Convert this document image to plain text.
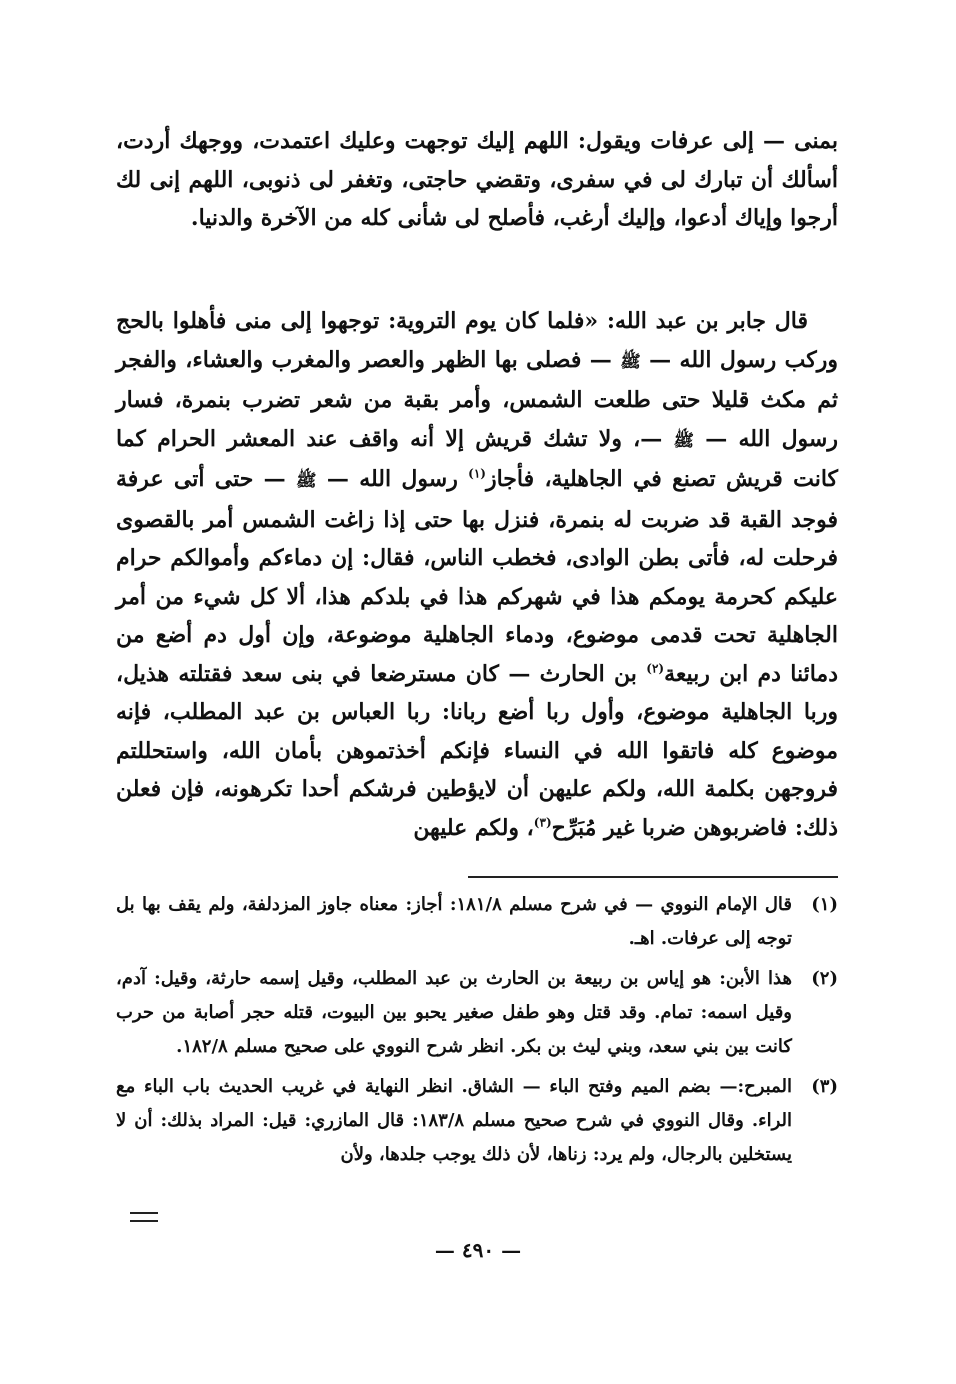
بمنى — إلى عرفات ويقول: اللهم إليك توجهت وعليك اعتمدت، ووجهك أردت، أسألك أن تبارك لى في سفرى، وتقضي حاجتى، وتغفر لى ذنوبى، اللهم إنى لك أرجوا وإياك أدعوا، وإليك أرغب، فأصلح لى شأنى كله من الآخرة والدنيا.

قال جابر بن عبد الله: «فلما كان يوم التروية: توجهوا إلى منى فأهلوا بالحج وركب رسول الله — ﷺ — فصلى بها الظهر والعصر والمغرب والعشاء، والفجر ثم مكث قليلا حتى طلعت الشمس، وأمر بقبة من شعر تضرب بنمرة، فسار رسول الله — ﷺ —، ولا تشك قريش إلا أنه واقف عند المعشر الحرام كما كانت قريش تصنع في الجاهلية، فأجاز$^{(١)}$ رسول الله — ﷺ — حتى أتى عرفة فوجد القبة قد ضربت له بنمرة، فنزل بها حتى إذا زاغت الشمس أمر بالقصوى فرحلت له، فأتى بطن الوادى، فخطب الناس، فقال: إن دماءكم وأموالكم حرام عليكم كحرمة يومكم هذا في شهركم هذا في بلدكم هذا، ألا كل شيء من أمر الجاهلية تحت قدمى موضوع، ودماء الجاهلية موضوعة، وإن أول دم أضع من دمائنا دم ابن ربيعة$^{(٢)}$ بن الحارث — كان مسترضعا في بنى سعد فقتلته هذيل، وربا الجاهلية موضوع، وأول ربا أضع ربانا: ربا العباس بن عبد المطلب، فإنه موضوع كله فاتقوا الله في النساء فإنكم أخذتموهن بأمان الله، واستحللتم فروجهن بكلمة الله، ولكم عليهن أن لايؤطين فرشكم أحدا تكرهونه، فإن فعلن ذلك: فاضربوهن ضربا غير مُبَرِّح$^{(٣)}$، ولكم عليهن

(١)
قال الإمام النووي — في شرح مسلم ١٨١/٨: أجاز: معناه جاوز المزدلفة، ولم يقف بها بل توجه إلى عرفات. اهـ.
(٢)
هذا الأبن: هو إياس بن ربيعة بن الحارث بن عبد المطلب، وقيل إسمه حارثة، وقيل: آدم، وقيل اسمه: تمام. وقد قتل وهو طفل صغير يحبو بين البيوت، قتله حجر أصابة من حرب كانت بين بني سعد، وبني ليث بن بكر. انظر شرح النووي على صحيح مسلم ١٨٢/٨.
(٣)
المبرح:— بضم الميم وفتح الباء — الشاق. انظر النهاية في غريب الحديث باب الباء مع الراء. وقال النووي في شرح صحيح مسلم ١٨٣/٨: قال المازري: قيل: المراد بذلك: أن لا يستخلين بالرجال، ولم يرد: زناها، لأن ذلك يوجب جلدها، ولأن
— ٤٩٠ —
